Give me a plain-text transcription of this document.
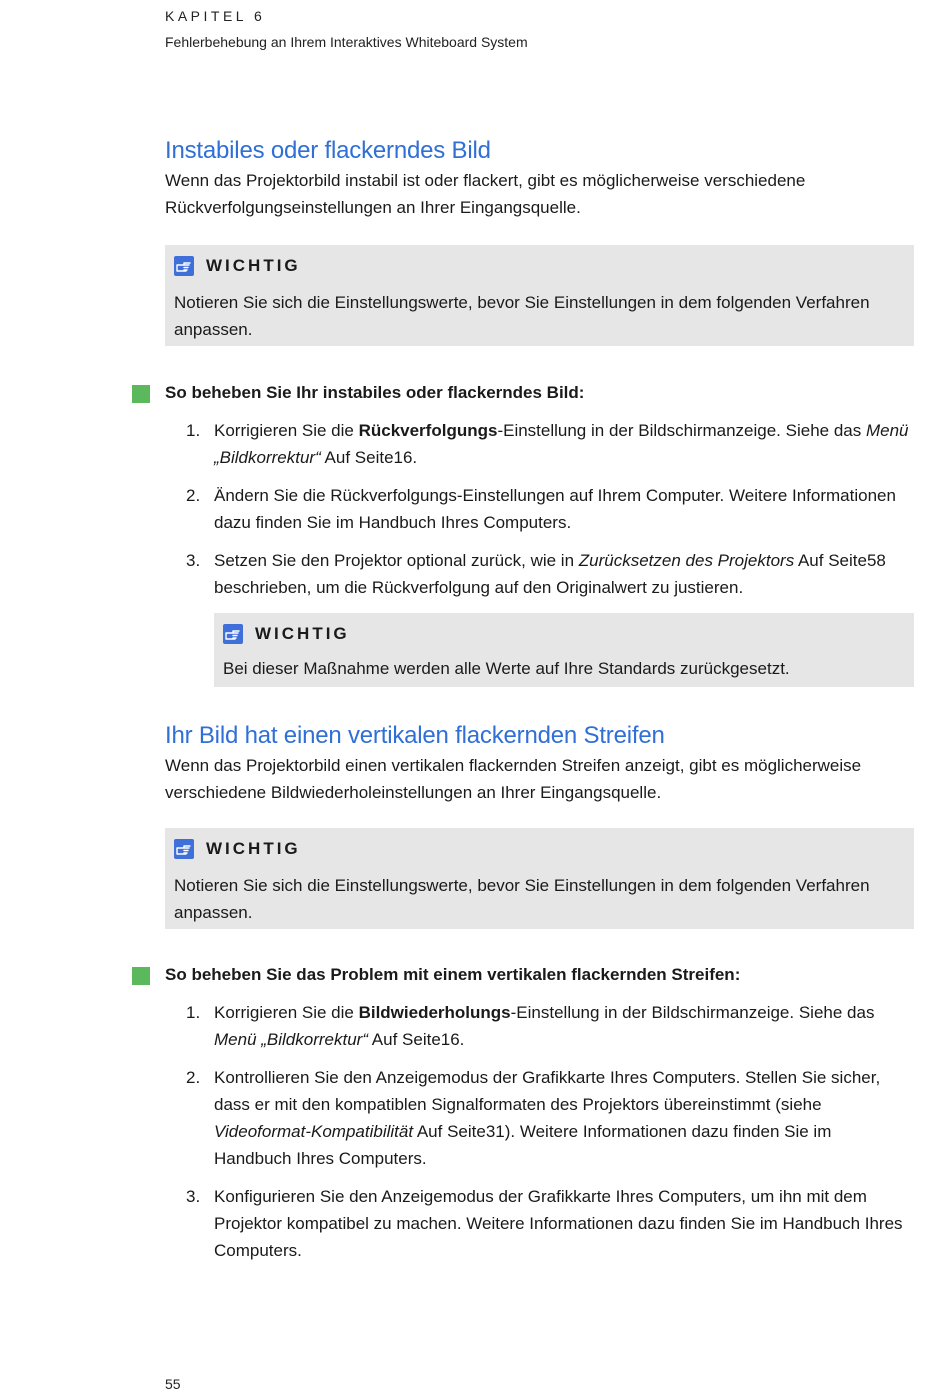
KAPITEL 6
Fehlerbehebung an Ihrem Interaktives Whiteboard System
Instabiles oder flackerndes Bild

Wenn das Projektorbild instabil ist oder flackert, gibt es möglicherweise verschiedene Rückverfolgungseinstellungen an Ihrer Eingangsquelle.

WICHTIG
Notieren Sie sich die Einstellungswerte, bevor Sie Einstellungen in dem folgenden Verfahren anpassen.

So beheben Sie Ihr instabiles oder flackerndes Bild:

1. Korrigieren Sie die Rückverfolgungs-Einstellung in der Bildschirmanzeige. Siehe das Menü „Bildkorrektur“ Auf Seite16.
2. Ändern Sie die Rückverfolgungs-Einstellungen auf Ihrem Computer. Weitere Informationen dazu finden Sie im Handbuch Ihres Computers.
3. Setzen Sie den Projektor optional zurück, wie in Zurücksetzen des Projektors Auf Seite58 beschrieben, um die Rückverfolgung auf den Originalwert zu justieren.
WICHTIG
Bei dieser Maßnahme werden alle Werte auf Ihre Standards zurückgesetzt.
Ihr Bild hat einen vertikalen flackernden Streifen

Wenn das Projektorbild einen vertikalen flackernden Streifen anzeigt, gibt es möglicherweise verschiedene Bildwiederholeinstellungen an Ihrer Eingangsquelle.

WICHTIG
Notieren Sie sich die Einstellungswerte, bevor Sie Einstellungen in dem folgenden Verfahren anpassen.

So beheben Sie das Problem mit einem vertikalen flackernden Streifen:

1. Korrigieren Sie die Bildwiederholungs-Einstellung in der Bildschirmanzeige. Siehe das Menü „Bildkorrektur“ Auf Seite16.
2. Kontrollieren Sie den Anzeigemodus der Grafikkarte Ihres Computers. Stellen Sie sicher, dass er mit den kompatiblen Signalformaten des Projektors übereinstimmt (siehe Videoformat-Kompatibilität Auf Seite31). Weitere Informationen dazu finden Sie im Handbuch Ihres Computers.
3. Konfigurieren Sie den Anzeigemodus der Grafikkarte Ihres Computers, um ihn mit dem Projektor kompatibel zu machen. Weitere Informationen dazu finden Sie im Handbuch Ihres Computers.
55
